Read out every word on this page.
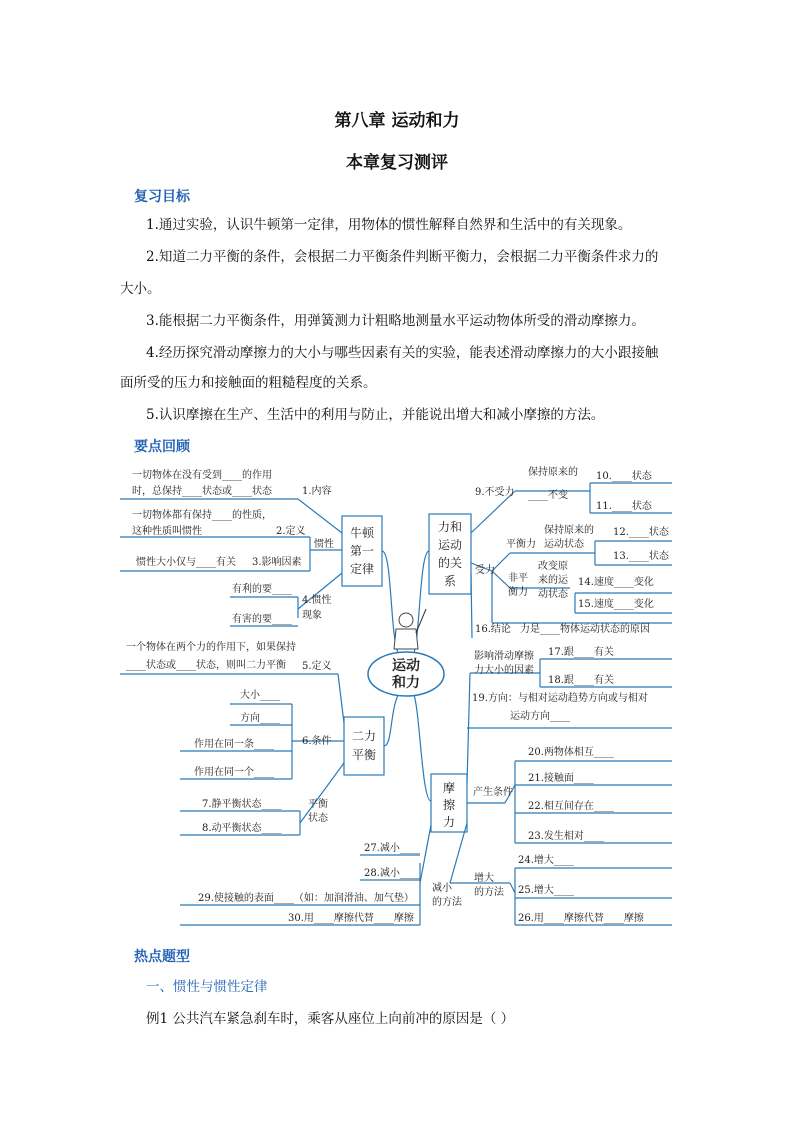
第八章 运动和力
本章复习测评
复习目标
1.通过实验，认识牛顿第一定律，用物体的惯性解释自然界和生活中的有关现象。
2.知道二力平衡的条件，会根据二力平衡条件判断平衡力，会根据二力平衡条件求力的
大小。
3.能根据二力平衡条件，用弹簧测力计粗略地测量水平运动物体所受的滑动摩擦力。
4.经历探究滑动摩擦力的大小与哪些因素有关的实验，能表述滑动摩擦力的大小跟接触
面所受的压力和接触面的粗糙程度的关系。
5.认识摩擦在生产、生活中的利用与防止，并能说出增大和减小摩擦的方法。
要点回顾
运动
和力
牛顿
第一
定律
二力
平衡
力和
运动
的关
系
摩
擦
力
一切物体在没有受到____的作用
时，总保持____状态或____状态	1.内容
一切物体都有保持____的性质，
这种性质叫惯性	2.定义
惯性
惯性大小仅与____有关 3.影响因素
有利的要____
有害的要____
4.惯性
现象
一个物体在两个力的作用下，如果保持
____状态或____状态，则叫二力平衡 5.定义
大小____
方向____
作用在同一条____
作用在同一个____
6.条件
7.静平衡状态____
8.动平衡状态____
平衡
状态
9.不受力
保持原来的
____不变
10.____状态
11.____状态
受力
平衡力
保持原来的
运动状态
12.____状态
13.____状态
非平
衡力
改变原
来的运
动状态
14.速度____变化
15.速度____变化
16.结论 力是____物体运动状态的原因
影响滑动摩擦
力大小的因素
17.跟____有关
18.跟____有关
19.方向：与相对运动趋势方向或与相对
运动方向____
产生条件
20.两物体相互____
21.接触面____
22.相互间存在____
23.发生相对____
增大
的方法
24.增大____
25.增大____
26.用____摩擦代替____摩擦
减小
的方法
27.减小____
28.减小____
29.使接触的表面____（如：加润滑油、加气垫）
30.用____摩擦代替____摩擦
热点题型
一、惯性与惯性定律
例1 公共汽车紧急刹车时，乘客从座位上向前冲的原因是（ ）
